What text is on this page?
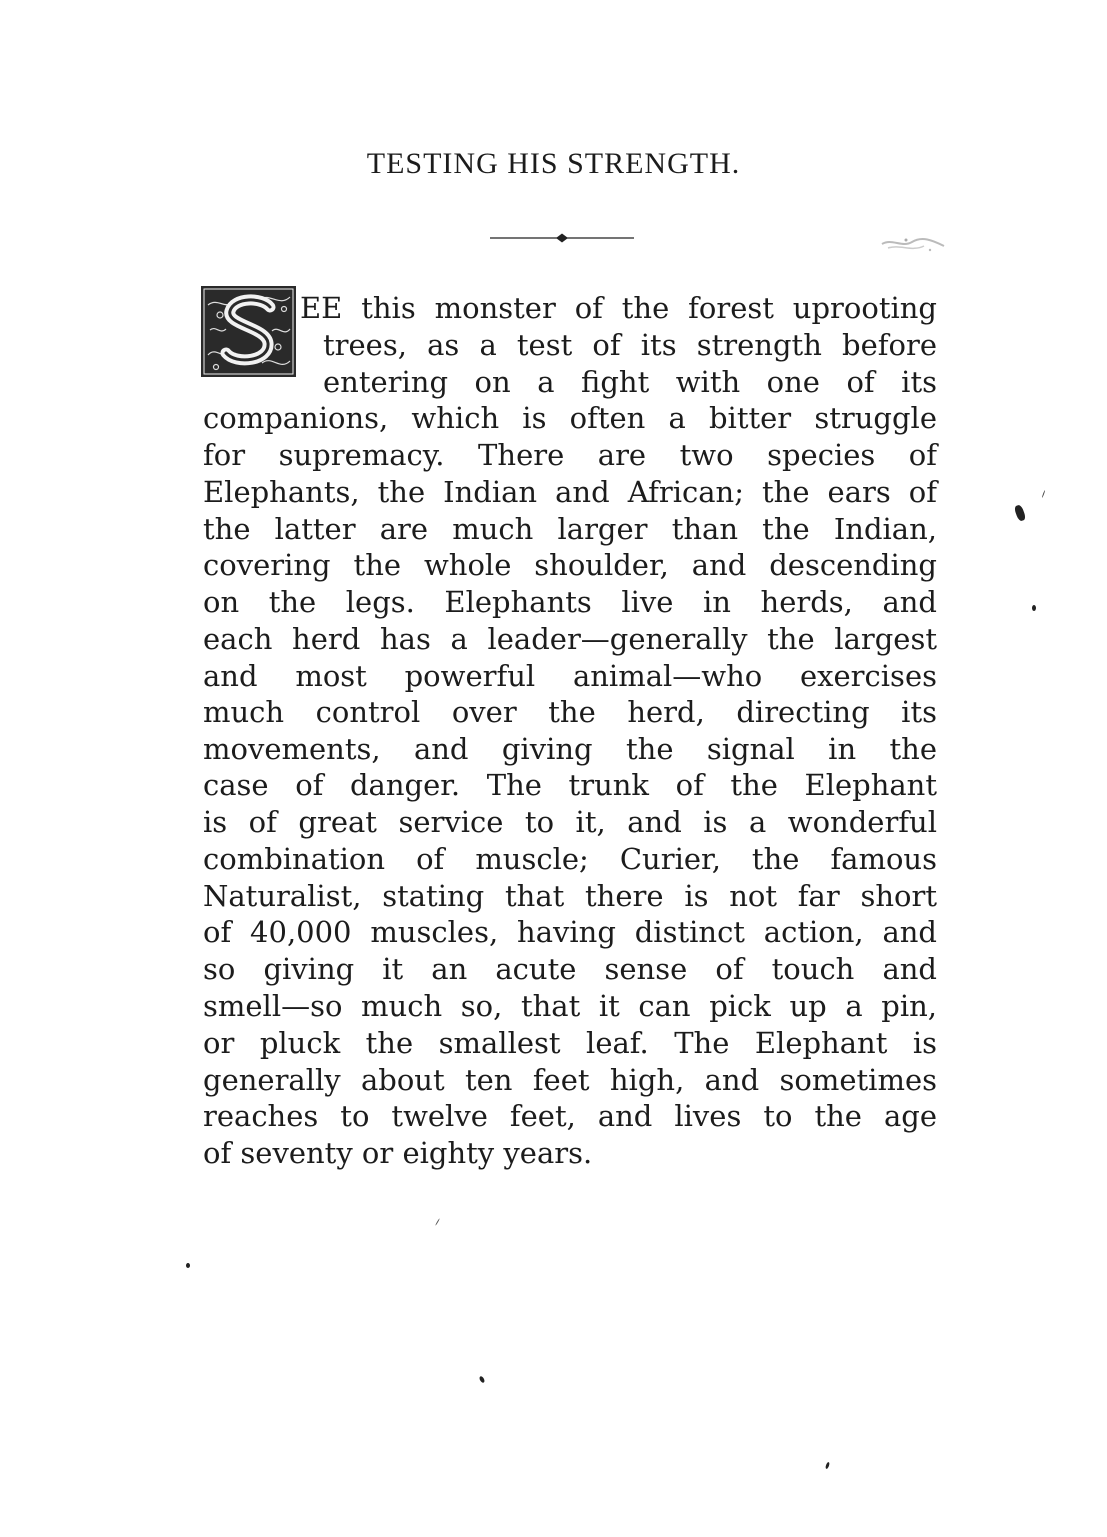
TESTING HIS STRENGTH.
EE this monster of the forest uprooting
trees, as a test of its strength before
entering on a fight with one of its
companions, which is often a bitter struggle
for supremacy. There are two species of
Elephants, the Indian and African; the ears of
the latter are much larger than the Indian,
covering the whole shoulder, and descending
on the legs. Elephants live in herds, and
each herd has a leader—generally the largest
and most powerful animal—who exercises
much control over the herd, directing its
movements, and giving the signal in the
case of danger. The trunk of the Elephant
is of great service to it, and is a wonderful
combination of muscle; Curier, the famous
Naturalist, stating that there is not far short
of 40,000 muscles, having distinct action, and
so giving it an acute sense of touch and
smell—so much so, that it can pick up a pin,
or pluck the smallest leaf. The Elephant is
generally about ten feet high, and sometimes
reaches to twelve feet, and lives to the age
of seventy or eighty years.
